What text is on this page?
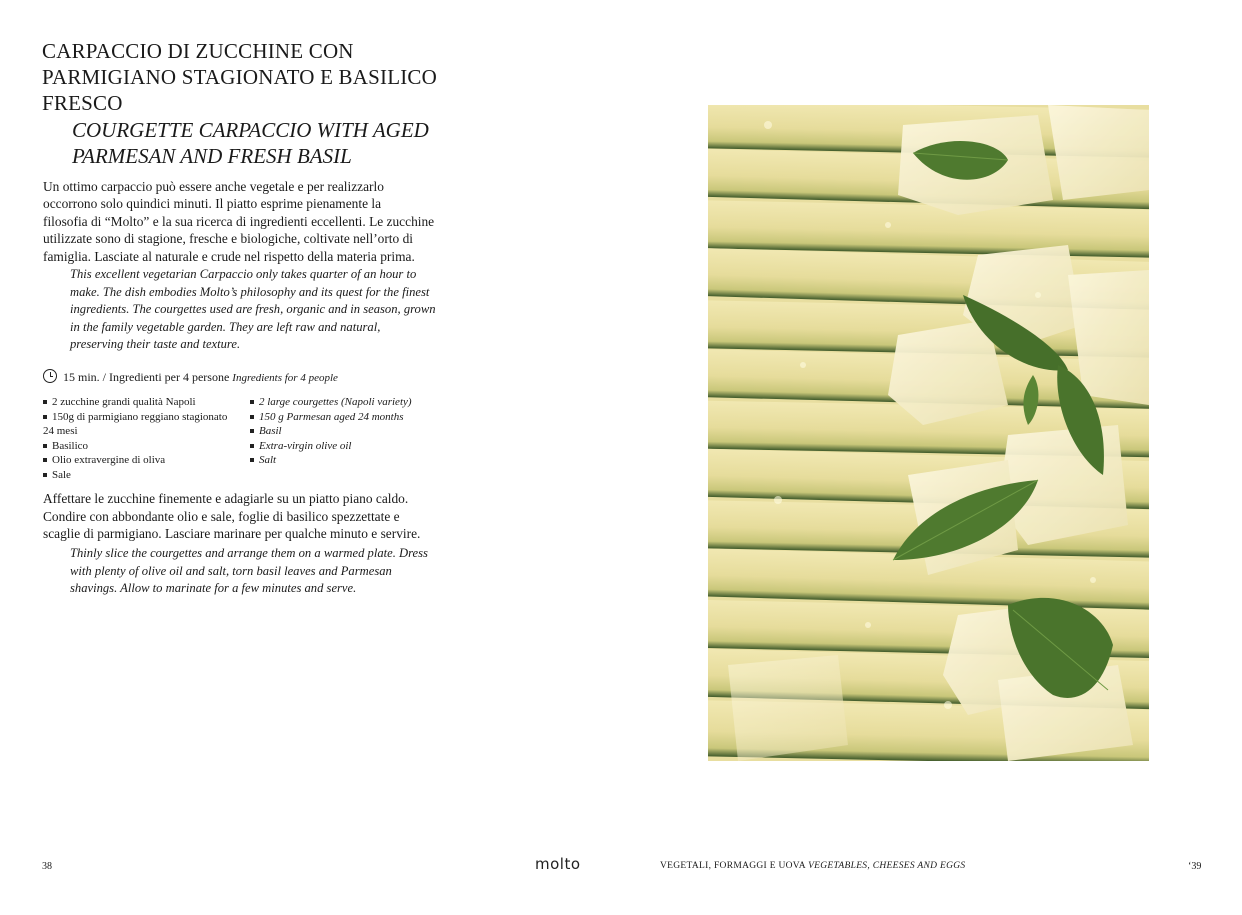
CARPACCIO DI ZUCCHINE CON
PARMIGIANO STAGIONATO E BASILICO
FRESCO
COURGETTE CARPACCIO WITH AGED
PARMESAN AND FRESH BASIL

Un ottimo carpaccio può essere anche vegetale e per realizzarlo
occorrono solo quindici minuti. Il piatto esprime pienamente la
filosofia di “Molto” e la sua ricerca di ingredienti eccellenti. Le zucchine
utilizzate sono di stagione, fresche e biologiche, coltivate nell’orto di
famiglia. Lasciate al naturale e crude nel rispetto della materia prima.

This excellent vegetarian Carpaccio only takes quarter of an hour to
make. The dish embodies Molto’s philosophy and its quest for the finest
ingredients. The courgettes used are fresh, organic and in season, grown
in the family vegetable garden. They are left raw and natural,
preserving their taste and texture.

15 min. / Ingredienti per 4 persone Ingredients for 4 people
2 zucchine grandi qualità Napoli
150g di parmigiano reggiano stagionato
24 mesi
Basilico
Olio extravergine di oliva
Sale
2 large courgettes (Napoli variety)
150 g Parmesan aged 24 months
Basil
Extra-virgin olive oil
Salt

Affettare le zucchine finemente e adagiarle su un piatto piano caldo.
Condire con abbondante olio e sale, foglie di basilico spezzettate e
scaglie di parmigiano. Lasciare marinare per qualche minuto e servire.

Thinly slice the courgettes and arrange them on a warmed plate. Dress
with plenty of olive oil and salt, torn basil leaves and Parmesan
shavings. Allow to marinate for a few minutes and serve.

38	molto	VEGETALI, FORMAGGI E UOVA VEGETABLES, CHEESES AND EGGS	‘39
